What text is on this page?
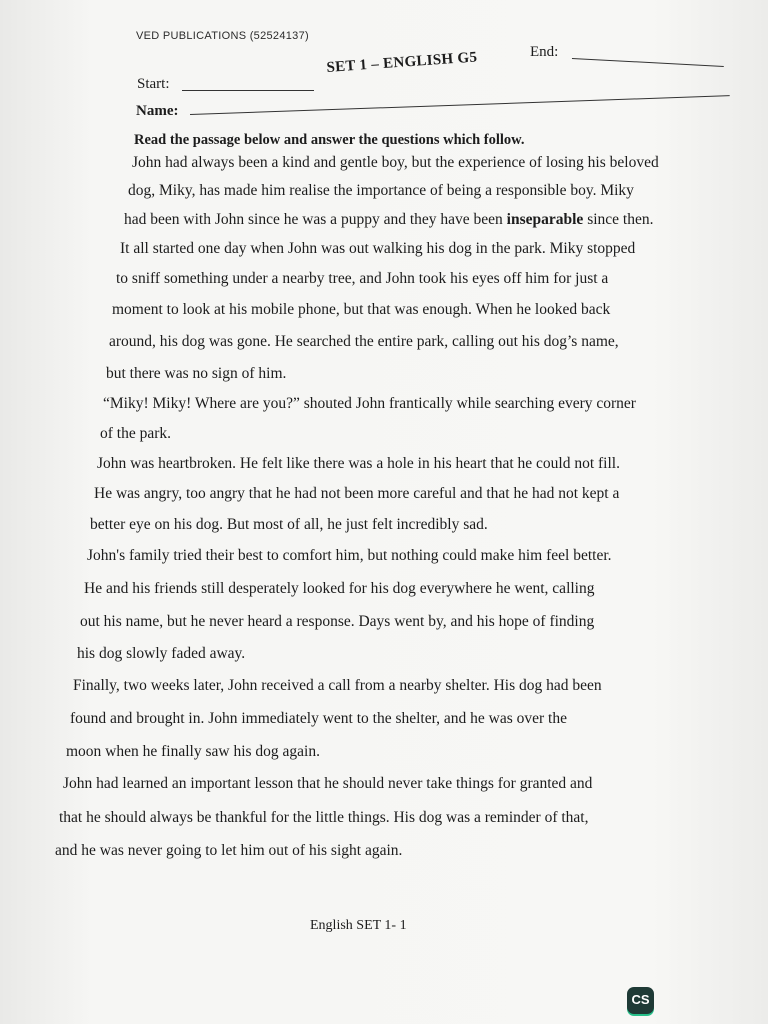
VED PUBLICATIONS (52524137)
Start:
SET 1 – ENGLISH G5	End:
Name:
Read the passage below and answer the questions which follow.
John had always been a kind and gentle boy, but the experience of losing his beloved
dog, Miky, has made him realise the importance of being a responsible boy. Miky
had been with John since he was a puppy and they have been inseparable since then.
It all started one day when John was out walking his dog in the park. Miky stopped
to sniff something under a nearby tree, and John took his eyes off him for just a
moment to look at his mobile phone, but that was enough. When he looked back
around, his dog was gone. He searched the entire park, calling out his dog’s name,
but there was no sign of him.
“Miky! Miky! Where are you?” shouted John frantically while searching every corner
of the park.
John was heartbroken. He felt like there was a hole in his heart that he could not fill.
He was angry, too angry that he had not been more careful and that he had not kept a
better eye on his dog. But most of all, he just felt incredibly sad.
John's family tried their best to comfort him, but nothing could make him feel better.
He and his friends still desperately looked for his dog everywhere he went, calling
out his name, but he never heard a response. Days went by, and his hope of finding
his dog slowly faded away.
Finally, two weeks later, John received a call from a nearby shelter. His dog had been
found and brought in. John immediately went to the shelter, and he was over the
moon when he finally saw his dog again.
John had learned an important lesson that he should never take things for granted and
that he should always be thankful for the little things. His dog was a reminder of that,
and he was never going to let him out of his sight again.
English SET 1- 1
CS
